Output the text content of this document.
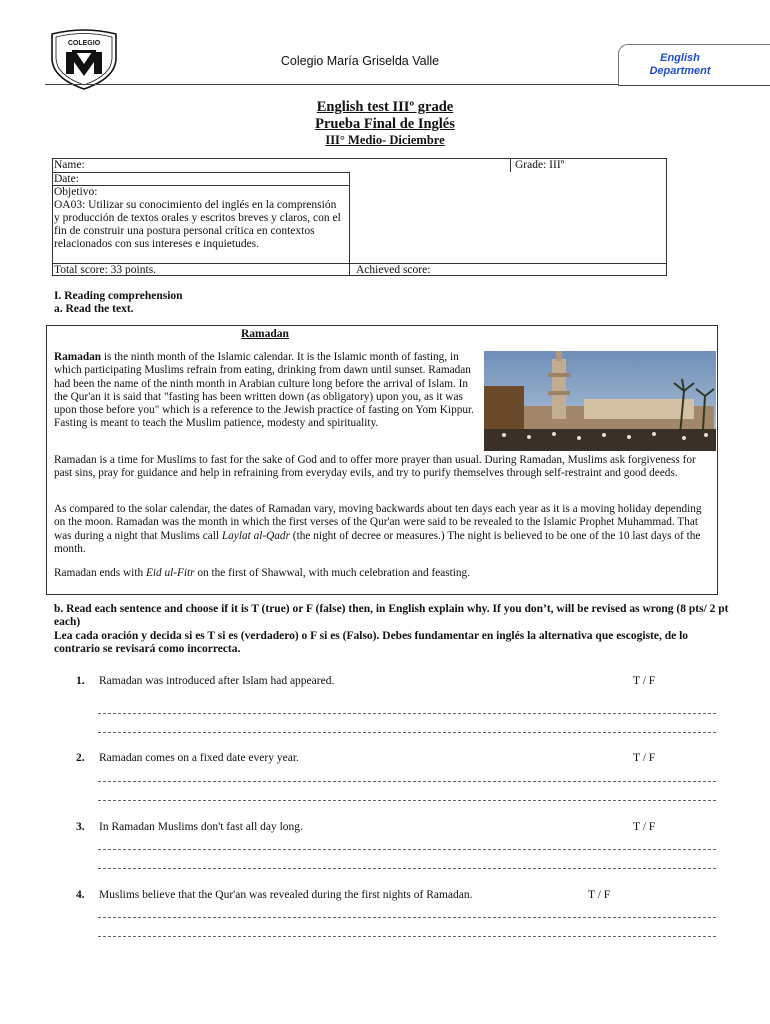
COLEGIO
Colegio María Griselda Valle	English
Department
English test IIIº grade
Prueba Final de Inglés
III° Medio- Diciembre
Name:
Date:
Grade: IIIº
Objetivo:
OA03: Utilizar su conocimiento del inglés en la comprensión y producción de textos orales y escritos breves y claros, con el fin de construir una postura personal crítica en contextos relacionados con sus intereses e inquietudes.
Total score: 33 points.	Achieved score:
I. Reading comprehension
a. Read the text.
Ramadan
Ramadan is the ninth month of the Islamic calendar. It is the Islamic month of fasting, in which participating Muslims refrain from eating, drinking from dawn until sunset. Ramadan had been the name of the ninth month in Arabian culture long before the arrival of Islam. In the Qur'an it is said that "fasting has been written down (as obligatory) upon you, as it was upon those before you" which is a reference to the Jewish practice of fasting on Yom Kippur. Fasting is meant to teach the Muslim patience, modesty and spirituality.
Ramadan is a time for Muslims to fast for the sake of God and to offer more prayer than usual. During Ramadan, Muslims ask forgiveness for past sins, pray for guidance and help in refraining from everyday evils, and try to purify themselves through self-restraint and good deeds.
As compared to the solar calendar, the dates of Ramadan vary, moving backwards about ten days each year as it is a moving holiday depending on the moon. Ramadan was the month in which the first verses of the Qur'an were said to be revealed to the Islamic Prophet Muhammad. That was during a night that Muslims call Laylat al-Qadr (the night of decree or measures.) The night is believed to be one of the 10 last days of the month.
Ramadan ends with Eid ul-Fitr on the first of Shawwal, with much celebration and feasting.
b. Read each sentence and choose if it is T (true) or F (false) then, in English explain why. If you don’t, will be revised as wrong (8 pts/ 2 pt each)
Lea cada oración y decida si es T si es (verdadero) o F si es (Falso). Debes fundamentar en inglés la alternativa que escogiste, de lo contrario se revisará como incorrecta.
1. Ramadan was introduced after Islam had appeared.	T / F
2. Ramadan comes on a fixed date every year.	T / F
3. In Ramadan Muslims don't fast all day long.	T / F
4. Muslims believe that the Qur'an was revealed during the first nights of Ramadan.	T / F
